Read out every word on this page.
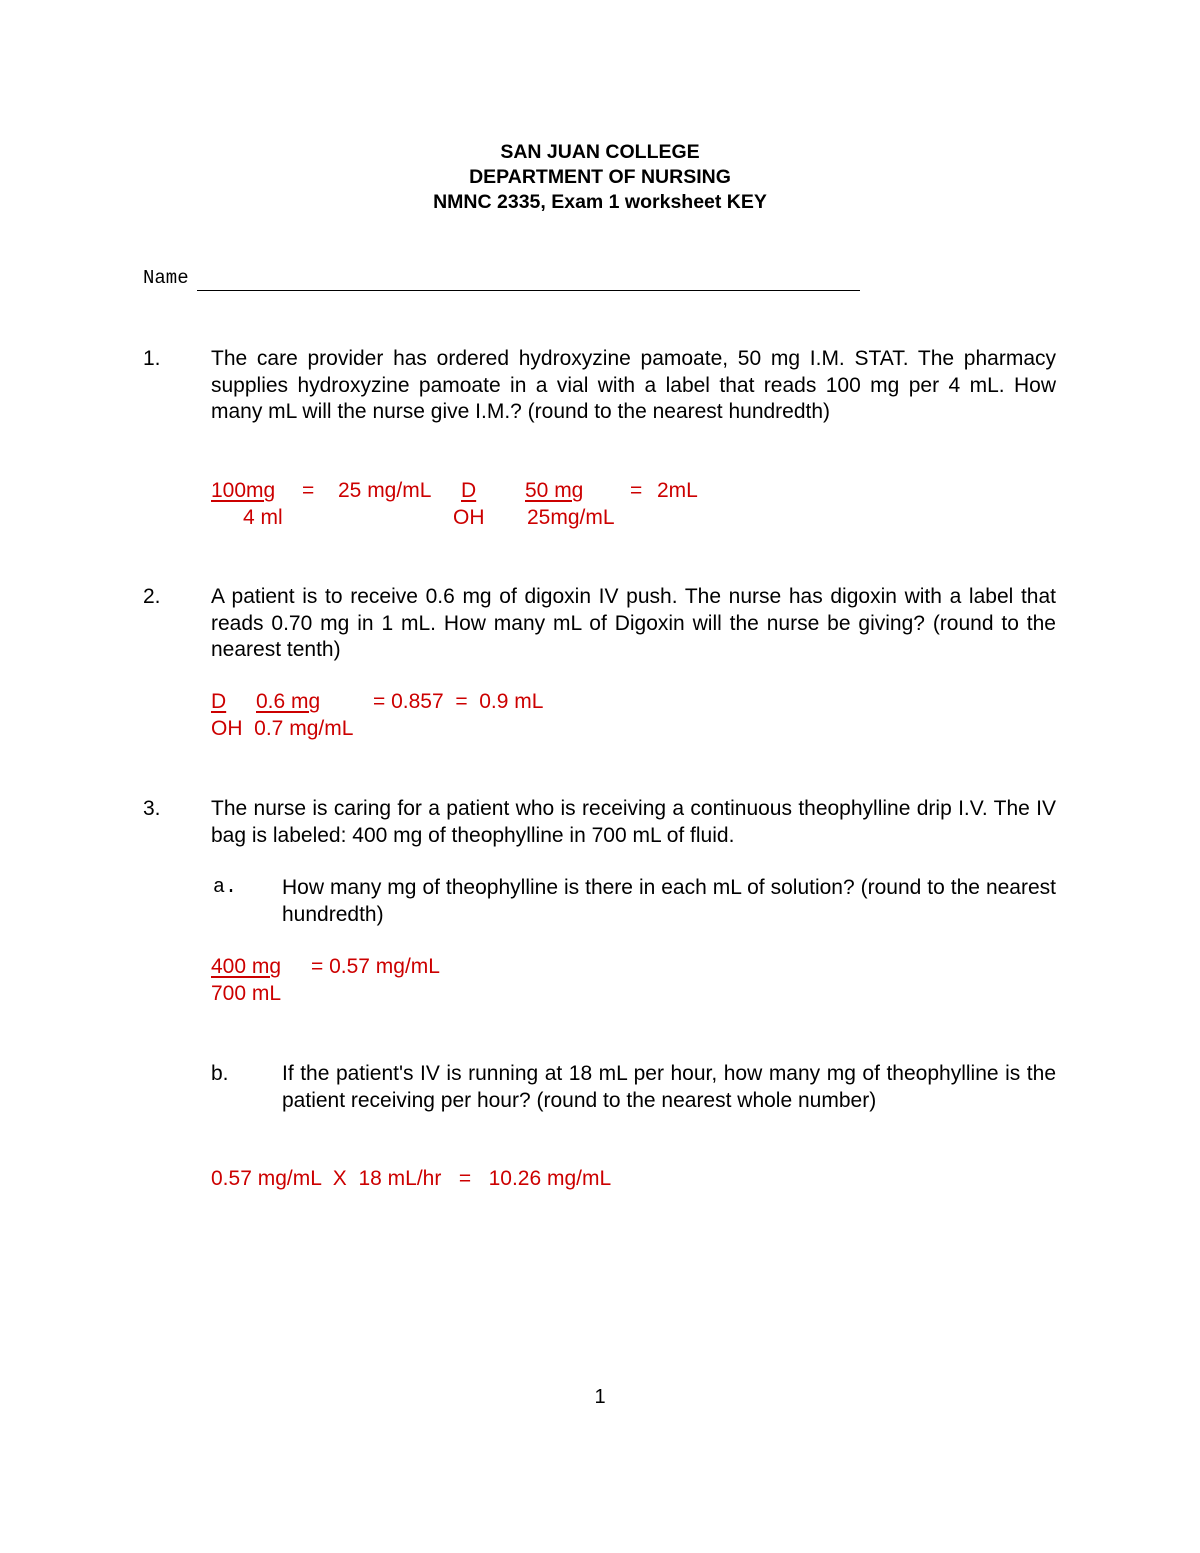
SAN JUAN COLLEGE
DEPARTMENT OF NURSING
NMNC 2335, Exam 1 worksheet KEY
Name
1. The care provider has ordered hydroxyzine pamoate, 50 mg I.M. STAT. The pharmacy supplies hydroxyzine pamoate in a vial with a label that reads 100 mg per 4 mL. How many mL will the nurse give I.M.? (round to the nearest hundredth)
100mg
4 ml
= 25 mg/mL D
OH
50 mg
25mg/mL
= 2mL
2. A patient is to receive 0.6 mg of digoxin IV push. The nurse has digoxin with a label that reads 0.70 mg in 1 mL. How many mL of Digoxin will the nurse be giving? (round to the nearest tenth)
D 0.6 mg
OH  0.7 mg/mL
= 0.857  =  0.9 mL
3. The nurse is caring for a patient who is receiving a continuous theophylline drip I.V. The IV bag is labeled: 400 mg of theophylline in 700 mL of fluid.
a. How many mg of theophylline is there in each mL of solution? (round to the nearest hundredth)
400 mg
700 mL
= 0.57 mg/mL
b.	If the patient's IV is running at 18 mL per hour, how many mg of theophylline is the patient receiving per hour? (round to the nearest whole number)
0.57 mg/mL  X  18 mL/hr   =   10.26 mg/mL
1
